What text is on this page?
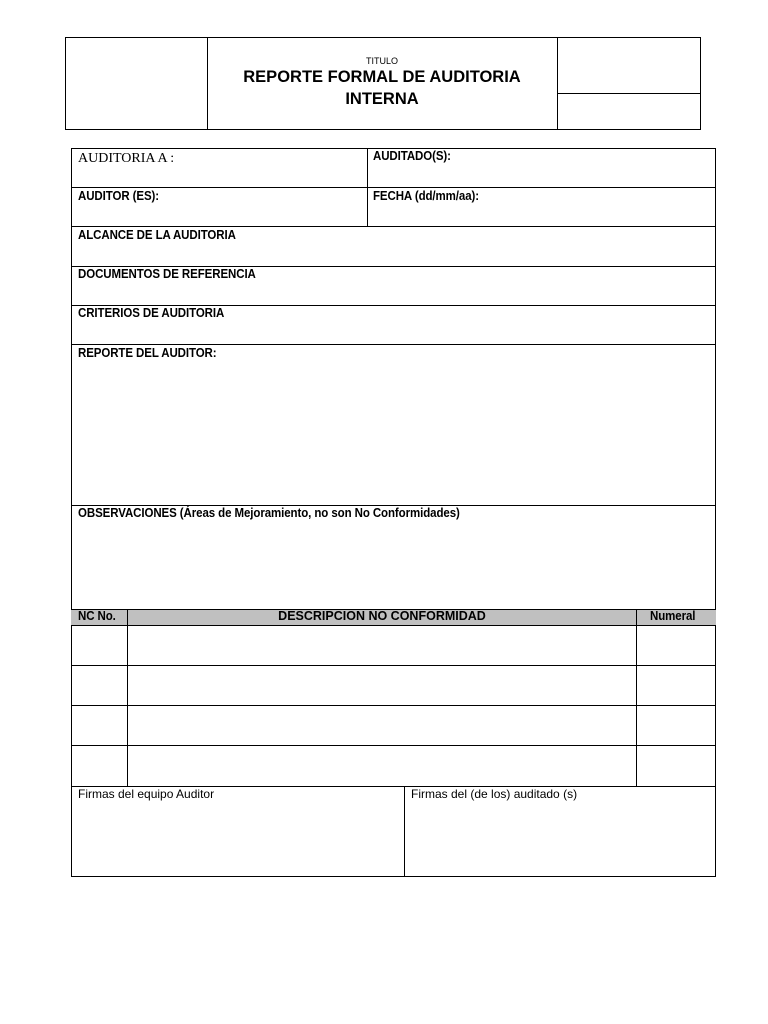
TITULO
REPORTE FORMAL DE AUDITORIA
INTERNA
AUDITORIA A :	AUDITADO(S):
AUDITOR (ES):	FECHA (dd/mm/aa):
ALCANCE DE LA AUDITORIA
DOCUMENTOS DE REFERENCIA
CRITERIOS DE AUDITORIA
REPORTE DEL AUDITOR:
OBSERVACIONES (Áreas de Mejoramiento, no son No Conformidades)
NC No.	DESCRIPCION NO CONFORMIDAD	Numeral
Firmas del equipo Auditor	Firmas del (de los) auditado (s)
